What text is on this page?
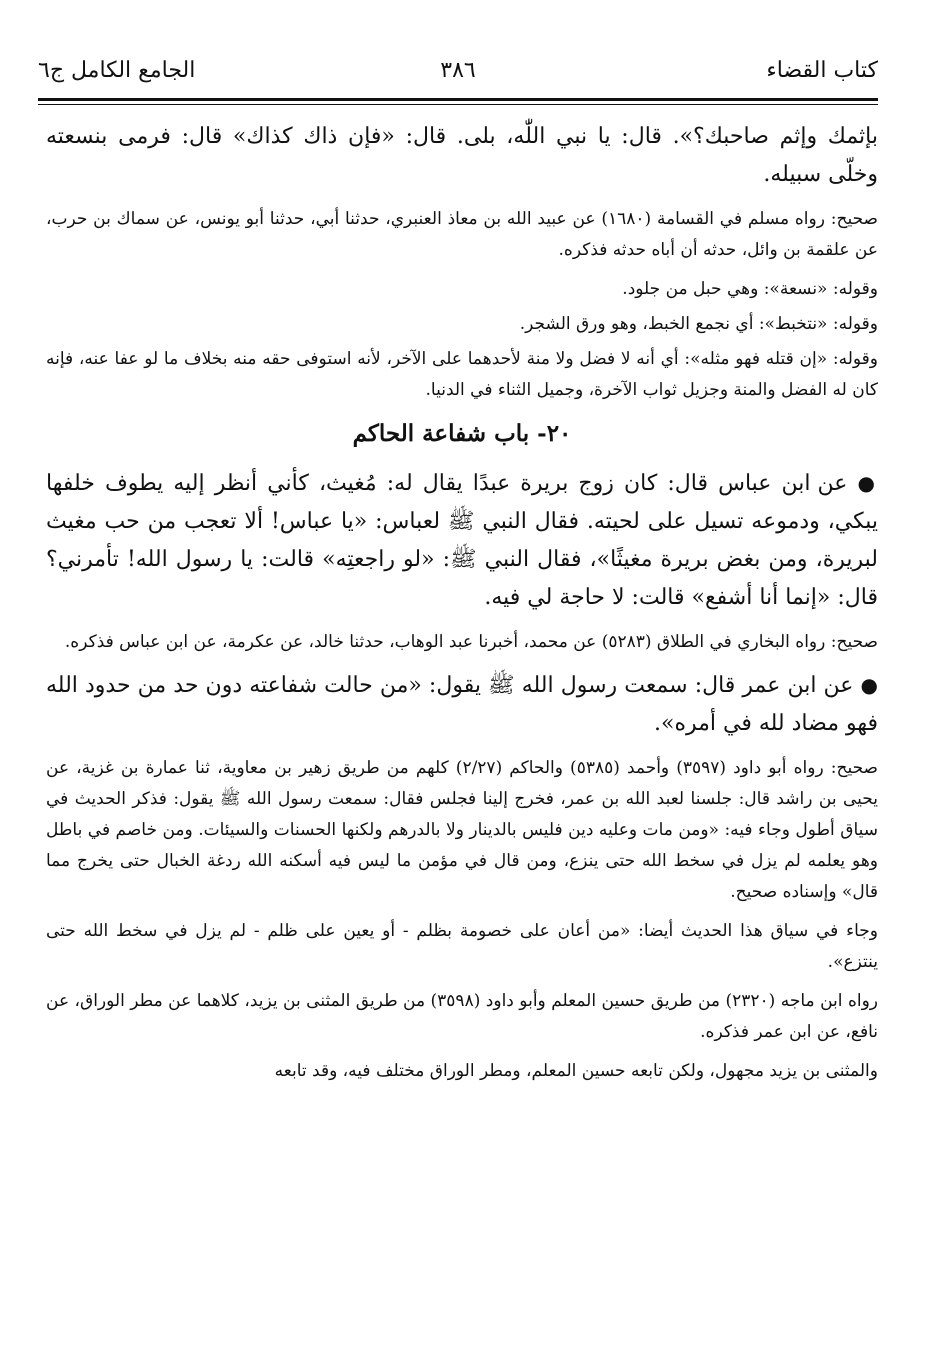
كتاب القضاء
٣٨٦
الجامع الكامل ج٦

بإثمك وإثم صاحبك؟». قال: يا نبي اللّٰه، بلى. قال: «فإن ذاك كذاك» قال: فرمى بنسعته وخلّى سبيله.

صحيح: رواه مسلم في القسامة (١٦٨٠) عن عبيد الله بن معاذ العنبري، حدثنا أبي، حدثنا أبو يونس، عن سماك بن حرب، عن علقمة بن وائل، حدثه أن أباه حدثه فذكره.

وقوله: «نسعة»: وهي حبل من جلود.

وقوله: «نتخبط»: أي نجمع الخبط، وهو ورق الشجر.

وقوله: «إن قتله فهو مثله»: أي أنه لا فضل ولا منة لأحدهما على الآخر، لأنه استوفى حقه منه بخلاف ما لو عفا عنه، فإنه كان له الفضل والمنة وجزيل ثواب الآخرة، وجميل الثناء في الدنيا.

٢٠- باب شفاعة الحاكم

● عن ابن عباس قال: كان زوج بريرة عبدًا يقال له: مُغيث، كأني أنظر إليه يطوف خلفها يبكي، ودموعه تسيل على لحيته. فقال النبي ﷺ لعباس: «يا عباس! ألا تعجب من حب مغيث لبريرة، ومن بغض بريرة مغيثًا»، فقال النبي ﷺ: «لو راجعتِه» قالت: يا رسول الله! تأمرني؟ قال: «إنما أنا أشفع» قالت: لا حاجة لي فيه.

صحيح: رواه البخاري في الطلاق (٥٢٨٣) عن محمد، أخبرنا عبد الوهاب، حدثنا خالد، عن عكرمة، عن ابن عباس فذكره.

● عن ابن عمر قال: سمعت رسول الله ﷺ يقول: «من حالت شفاعته دون حد من حدود الله فهو مضاد لله في أمره».

صحيح: رواه أبو داود (٣٥٩٧) وأحمد (٥٣٨٥) والحاكم (٢/٢٧) كلهم من طريق زهير بن معاوية، ثنا عمارة بن غزية، عن يحيى بن راشد قال: جلسنا لعبد الله بن عمر، فخرج إلينا فجلس فقال: سمعت رسول الله ﷺ يقول: فذكر الحديث في سياق أطول وجاء فيه: «ومن مات وعليه دين فليس بالدينار ولا بالدرهم ولكنها الحسنات والسيئات. ومن خاصم في باطل وهو يعلمه لم يزل في سخط الله حتى ينزع، ومن قال في مؤمن ما ليس فيه أسكنه الله ردغة الخبال حتى يخرج مما قال» وإسناده صحيح.

وجاء في سياق هذا الحديث أيضا: «من أعان على خصومة بظلم - أو يعين على ظلم - لم يزل في سخط الله حتى ينتزع».

رواه ابن ماجه (٢٣٢٠) من طريق حسين المعلم وأبو داود (٣٥٩٨) من طريق المثنى بن يزيد، كلاهما عن مطر الوراق، عن نافع، عن ابن عمر فذكره.

والمثنى بن يزيد مجهول، ولكن تابعه حسين المعلم، ومطر الوراق مختلف فيه، وقد تابعه
